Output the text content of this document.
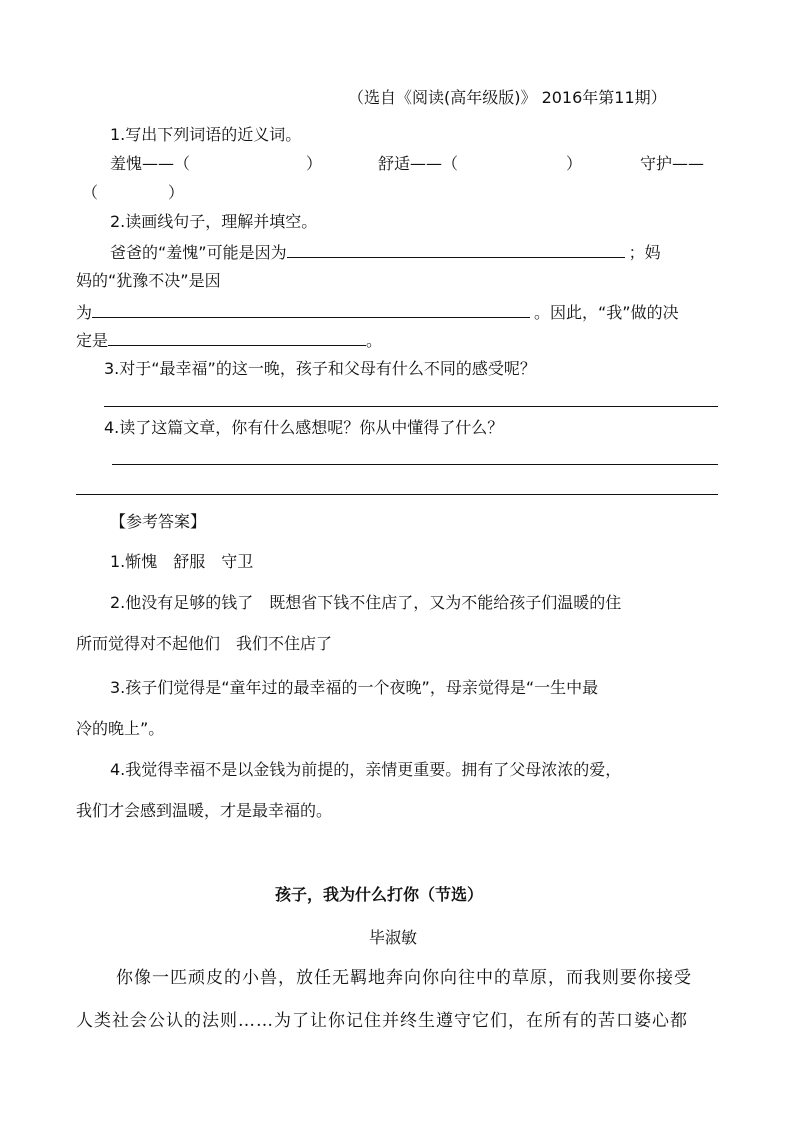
（选自《阅读(高年级版)》 2016年第11期）
1.写出下列词语的近义词。
羞愧——（	）	舒适——（	）	守护——
（	）
2.读画线句子，理解并填空。
爸爸的“羞愧”可能是因为	；妈
妈的“犹豫不决”是因
为	。因此，“我”做的决
定是	。
3.对于“最幸福”的这一晚，孩子和父母有什么不同的感受呢？
4.读了这篇文章，你有什么感想呢？你从中懂得了什么？
【参考答案】
1.惭愧　舒服　守卫
2.他没有足够的钱了　既想省下钱不住店了，又为不能给孩子们温暖的住
所而觉得对不起他们　我们不住店了
3.孩子们觉得是“童年过的最幸福的一个夜晚”，母亲觉得是“一生中最
冷的晚上”。
4.我觉得幸福不是以金钱为前提的，亲情更重要。拥有了父母浓浓的爱，
我们才会感到温暖，才是最幸福的。
孩子，我为什么打你（节选）
毕淑敏
你像一匹顽皮的小兽，放任无羁地奔向你向往中的草原，而我则要你接受
人类社会公认的法则……为了让你记住并终生遵守它们，在所有的苦口婆心都
